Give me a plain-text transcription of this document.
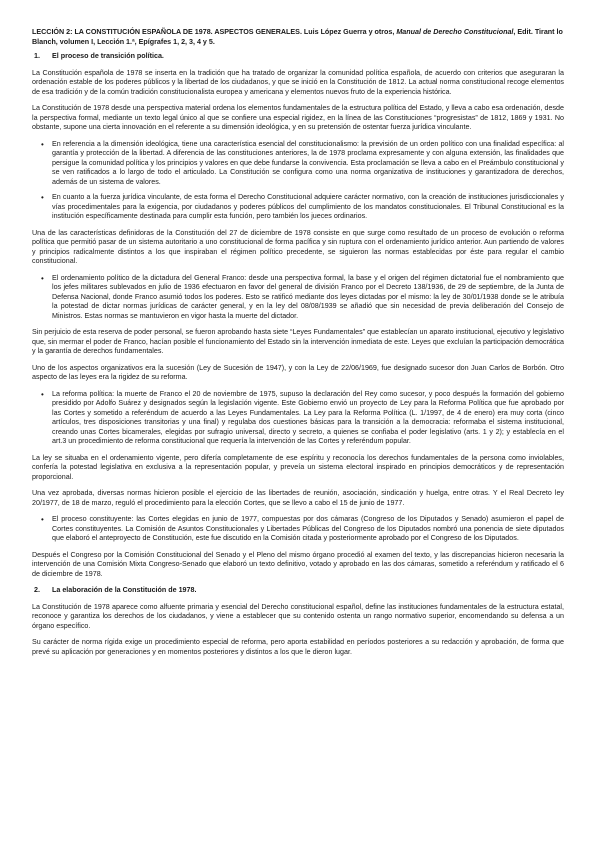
LECCIÓN 2: LA CONSTITUCIÓN ESPAÑOLA DE 1978. ASPECTOS GENERALES. Luis López Guerra y otros, Manual de Derecho Constitucional, Edit. Tirant lo Blanch, volumen I, Lección 1.ª, Epígrafes 1, 2, 3, 4 y 5.
1.	El proceso de transición política.

La Constitución española de 1978 se inserta en la tradición que ha tratado de organizar la comunidad política española, de acuerdo con criterios que aseguraran la ordenación estable de los poderes públicos y la libertad de los ciudadanos, y que se inició en la Constitución de 1812. La actual norma constitucional recoge elementos de esa tradición y de la común tradición constitucionalista europea y americana y elementos nuevos fruto de la experiencia histórica.

La Constitución de 1978 desde una perspectiva material ordena los elementos fundamentales de la estructura política del Estado, y lleva a cabo esa ordenación, desde la perspectiva formal, mediante un texto legal único al que se confiere una especial rigidez, en la línea de las Constituciones “progresistas” de 1812, 1869 y 1931. No obstante, supone una cierta innovación en el referente a su dimensión ideológica, y en su pretensión de ostentar fuerza jurídica vinculante.

• En referencia a la dimensión ideológica, tiene una característica esencial del constitucionalismo: la previsión de un orden político con una finalidad específica: al garantía y protección de la libertad. A diferencia de las constituciones anteriores, la de 1978 proclama expresamente y con alguna extensión, las finalidades que persigue la comunidad política y los principios y valores en que debe fundarse la convivencia. Esta proclamación se lleva a cabo en el Preámbulo constitucional y se ven ratificados a lo largo de todo el articulado. La Constitución se configura como una norma organizativa de instituciones y garantizadora de derechos, además de un sistema de valores.
• En cuanto a la fuerza jurídica vinculante, de esta forma el Derecho Constitucional adquiere carácter normativo, con la creación de instituciones jurisdiccionales y vías procedimentales para la exigencia, por ciudadanos y poderes públicos del cumplimiento de los mandatos constitucionales. El Tribunal Constitucional es la institución específicamente destinada para cumplir esta función, pero también los jueces ordinarios.

Una de las características definidoras de la Constitución del 27 de diciembre de 1978 consiste en que surge como resultado de un proceso de evolución o reforma política que permitió pasar de un sistema autoritario a uno constitucional de forma pacífica y sin ruptura con el ordenamiento jurídico anterior. Aun partiendo de valores y principios radicalmente distintos a los que inspiraban el régimen político precedente, se siguieron las normas establecidas por éste para regular el cambio constitucional.

• El ordenamiento político de la dictadura del General Franco: desde una perspectiva formal, la base y el origen del régimen dictatorial fue el nombramiento que los jefes militares sublevados en julio de 1936 efectuaron en favor del general de división Franco por el Decreto 138/1936, de 29 de septiembre, de la Junta de Defensa Nacional, donde Franco asumió todos los poderes. Esto se ratificó mediante dos leyes dictadas por el mismo: la ley de 30/01/1938 donde se le atribuía la potestad de dictar normas jurídicas de carácter general, y en la ley del 08/08/1939 se añadió que sin necesidad de previa deliberación del Consejo de Ministros. Estas normas se mantuvieron en vigor hasta la muerte del dictador.

Sin perjuicio de esta reserva de poder personal, se fueron aprobando hasta siete “Leyes Fundamentales” que establecían un aparato institucional, ejecutivo y legislativo que, sin mermar el poder de Franco, hacían posible el funcionamiento del Estado sin la intervención inmediata de este. Leyes que excluían la participación democrática y la garantía de derechos fundamentales.

Uno de los aspectos organizativos era la sucesión (Ley de Sucesión de 1947), y con la Ley de 22/06/1969, fue designado sucesor don Juan Carlos de Borbón. Otro aspecto de las leyes era la rigidez de su reforma.

• La reforma política: la muerte de Franco el 20 de noviembre de 1975, supuso la declaración del Rey como sucesor, y poco después la formación del gobierno presidido por Adolfo Suárez y designados según la legislación vigente. Este Gobierno envió un proyecto de Ley para la Reforma Política que fue aprobado por las Cortes y sometido a referéndum de acuerdo a las Leyes Fundamentales. La Ley para la Reforma Política (L. 1/1997, de 4 de enero) era muy corta (cinco artículos, tres disposiciones transitorias y una final) y regulaba dos cuestiones básicas para la transición a la democracia: reformaba el sistema institucional, creando unas Cortes bicamerales, elegidas por sufragio universal, directo y secreto, a quienes se confiaba el poder legislativo (arts. 1 y 2); y establecía en el art.3 un procedimiento de reforma constitucional que requería la intervención de las Cortes y referéndum popular.

La ley se situaba en el ordenamiento vigente, pero difería completamente de ese espíritu y reconocía los derechos fundamentales de la persona como inviolables, confería la potestad legislativa en exclusiva a la representación popular, y preveía un sistema electoral inspirado en principios democráticos y de representación proporcional.

Una vez aprobada, diversas normas hicieron posible el ejercicio de las libertades de reunión, asociación, sindicación y huelga, entre otras. Y el Real Decreto ley 20/1977, de 18 de marzo, reguló el procedimiento para la elección Cortes, que se llevo a cabo el 15 de junio de 1977.

• El proceso constituyente: las Cortes elegidas en junio de 1977, compuestas por dos cámaras (Congreso de los Diputados y Senado) asumieron el papel de Cortes constituyentes. La Comisión de Asuntos Constitucionales y Libertades Públicas del Congreso de los Diputados nombró una ponencia de siete diputados que elaboró el anteproyecto de Constitución, este fue discutido en la Comisión citada y posteriormente aprobado por el Congreso de los Diputados.

Después el Congreso por la Comisión Constitucional del Senado y el Pleno del mismo órgano procedió al examen del texto, y las discrepancias hicieron necesaria la intervención de una Comisión Mixta Congreso-Senado que elaboró un texto definitivo, votado y aprobado en las dos cámaras, sometido a referéndum y ratificado el 6 de diciembre de 1978.

2.	La elaboración de la Constitución de 1978.

La Constitución de 1978 aparece como alfuente primaria y esencial del Derecho constitucional español, define las instituciones fundamentales de la estructura estatal, reconoce y garantiza los derechos de los ciudadanos, y viene a establecer que su contenido ostenta un rango normativo superior, encomendando su defensa a un órgano específico.

Su carácter de norma rígida exige un procedimiento especial de reforma, pero aporta estabilidad en períodos posteriores a su redacción y aprobación, de forma que prevé su aplicación por generaciones y en momentos posteriores y distintos a los que le dieron lugar.
